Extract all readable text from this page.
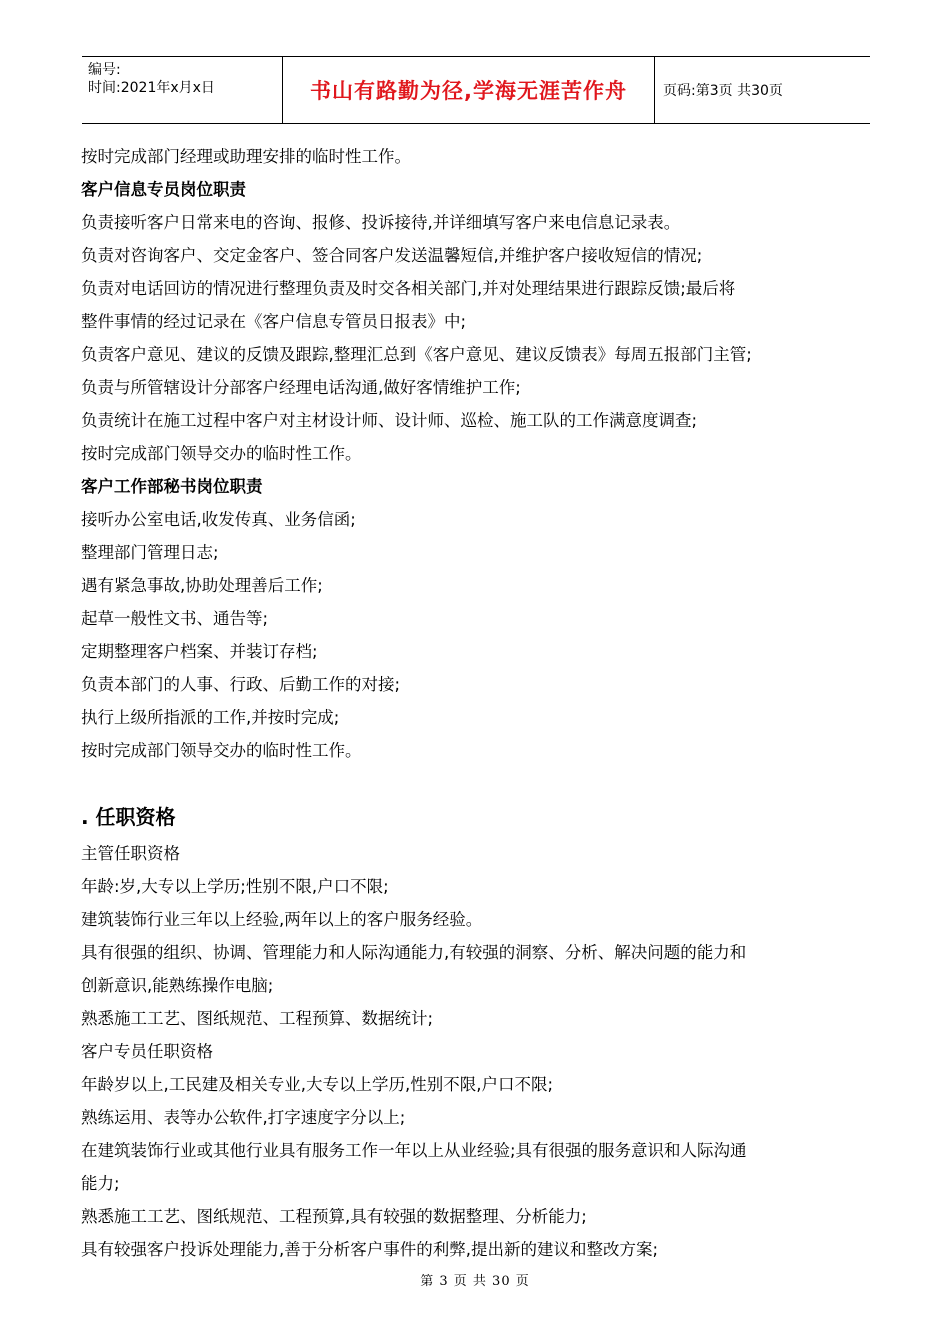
编号:
时间:2021年x月x日	书山有路勤为径,学海无涯苦作舟	页码:第3页 共30页
按时完成部门经理或助理安排的临时性工作。
客户信息专员岗位职责
负责接听客户日常来电的咨询、报修、投诉接待,并详细填写客户来电信息记录表。
负责对咨询客户、交定金客户、签合同客户发送温馨短信,并维护客户接收短信的情况;
负责对电话回访的情况进行整理负责及时交各相关部门,并对处理结果进行跟踪反馈;最后将
整件事情的经过记录在《客户信息专管员日报表》中;
负责客户意见、建议的反馈及跟踪,整理汇总到《客户意见、建议反馈表》每周五报部门主管;
负责与所管辖设计分部客户经理电话沟通,做好客情维护工作;
负责统计在施工过程中客户对主材设计师、设计师、巡检、施工队的工作满意度调查;
按时完成部门领导交办的临时性工作。
客户工作部秘书岗位职责
接听办公室电话,收发传真、业务信函;
整理部门管理日志;
遇有紧急事故,协助处理善后工作;
起草一般性文书、通告等;
定期整理客户档案、并装订存档;
负责本部门的人事、行政、后勤工作的对接;
执行上级所指派的工作,并按时完成;
按时完成部门领导交办的临时性工作。
. 任职资格
主管任职资格
年龄:岁,大专以上学历;性别不限,户口不限;
建筑装饰行业三年以上经验,两年以上的客户服务经验。
具有很强的组织、协调、管理能力和人际沟通能力,有较强的洞察、分析、解决问题的能力和
创新意识,能熟练操作电脑;
熟悉施工工艺、图纸规范、工程预算、数据统计;
客户专员任职资格
年龄岁以上,工民建及相关专业,大专以上学历,性别不限,户口不限;
熟练运用、表等办公软件,打字速度字分以上;
在建筑装饰行业或其他行业具有服务工作一年以上从业经验;具有很强的服务意识和人际沟通
能力;
熟悉施工工艺、图纸规范、工程预算,具有较强的数据整理、分析能力;
具有较强客户投诉处理能力,善于分析客户事件的利弊,提出新的建议和整改方案;
第 3 页 共 30 页
